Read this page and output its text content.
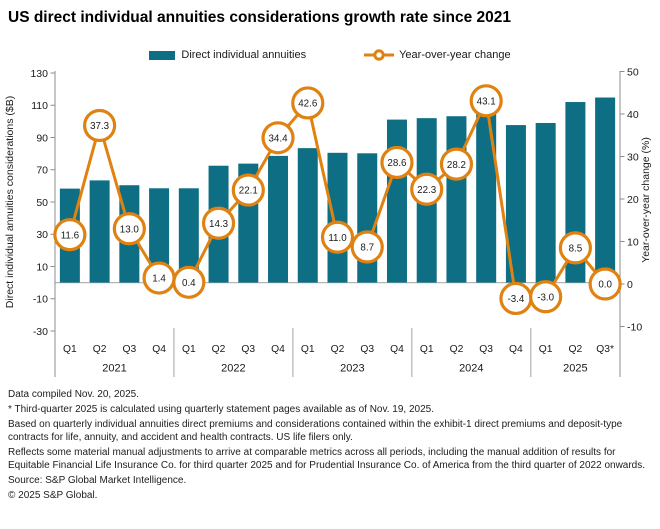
US direct individual annuities considerations growth rate since 2021
Direct individual annuities	Year-over-year change
130
110
90
70
50
30
10
-10
-30
50
40
30
20
10
0
-10
Q1 Q2 Q3 Q4
2021
Q1 Q2 Q3 Q4
2022
Q1 Q2 Q3 Q4
2023
Q1 Q2 Q3 Q4
2024
Q1 Q2 Q3*
2025
Direct individual annuities considerations ($B)	Year-over-year change (%)
11.6
37.3
13.0
1.4 0.4
14.3
22.1
34.4
42.6
11.0
8.7
28.6
22.3
28.2
43.1
-3.4 -3.0
8.5
0.0
Data compiled Nov. 20, 2025.
* Third-quarter 2025 is calculated using quarterly statement pages available as of Nov. 19, 2025.
Based on quarterly individual annuities direct premiums and considerations contained within the exhibit-1 direct premiums and deposit-type contracts for life, annuity, and accident and health contracts. US life filers only.
Reflects some material manual adjustments to arrive at comparable metrics across all periods, including the manual addition of results for Equitable Financial Life Insurance Co. for third quarter 2025 and for Prudential Insurance Co. of America from the third quarter of 2022 onwards.
Source: S&P Global Market Intelligence.
© 2025 S&P Global.
